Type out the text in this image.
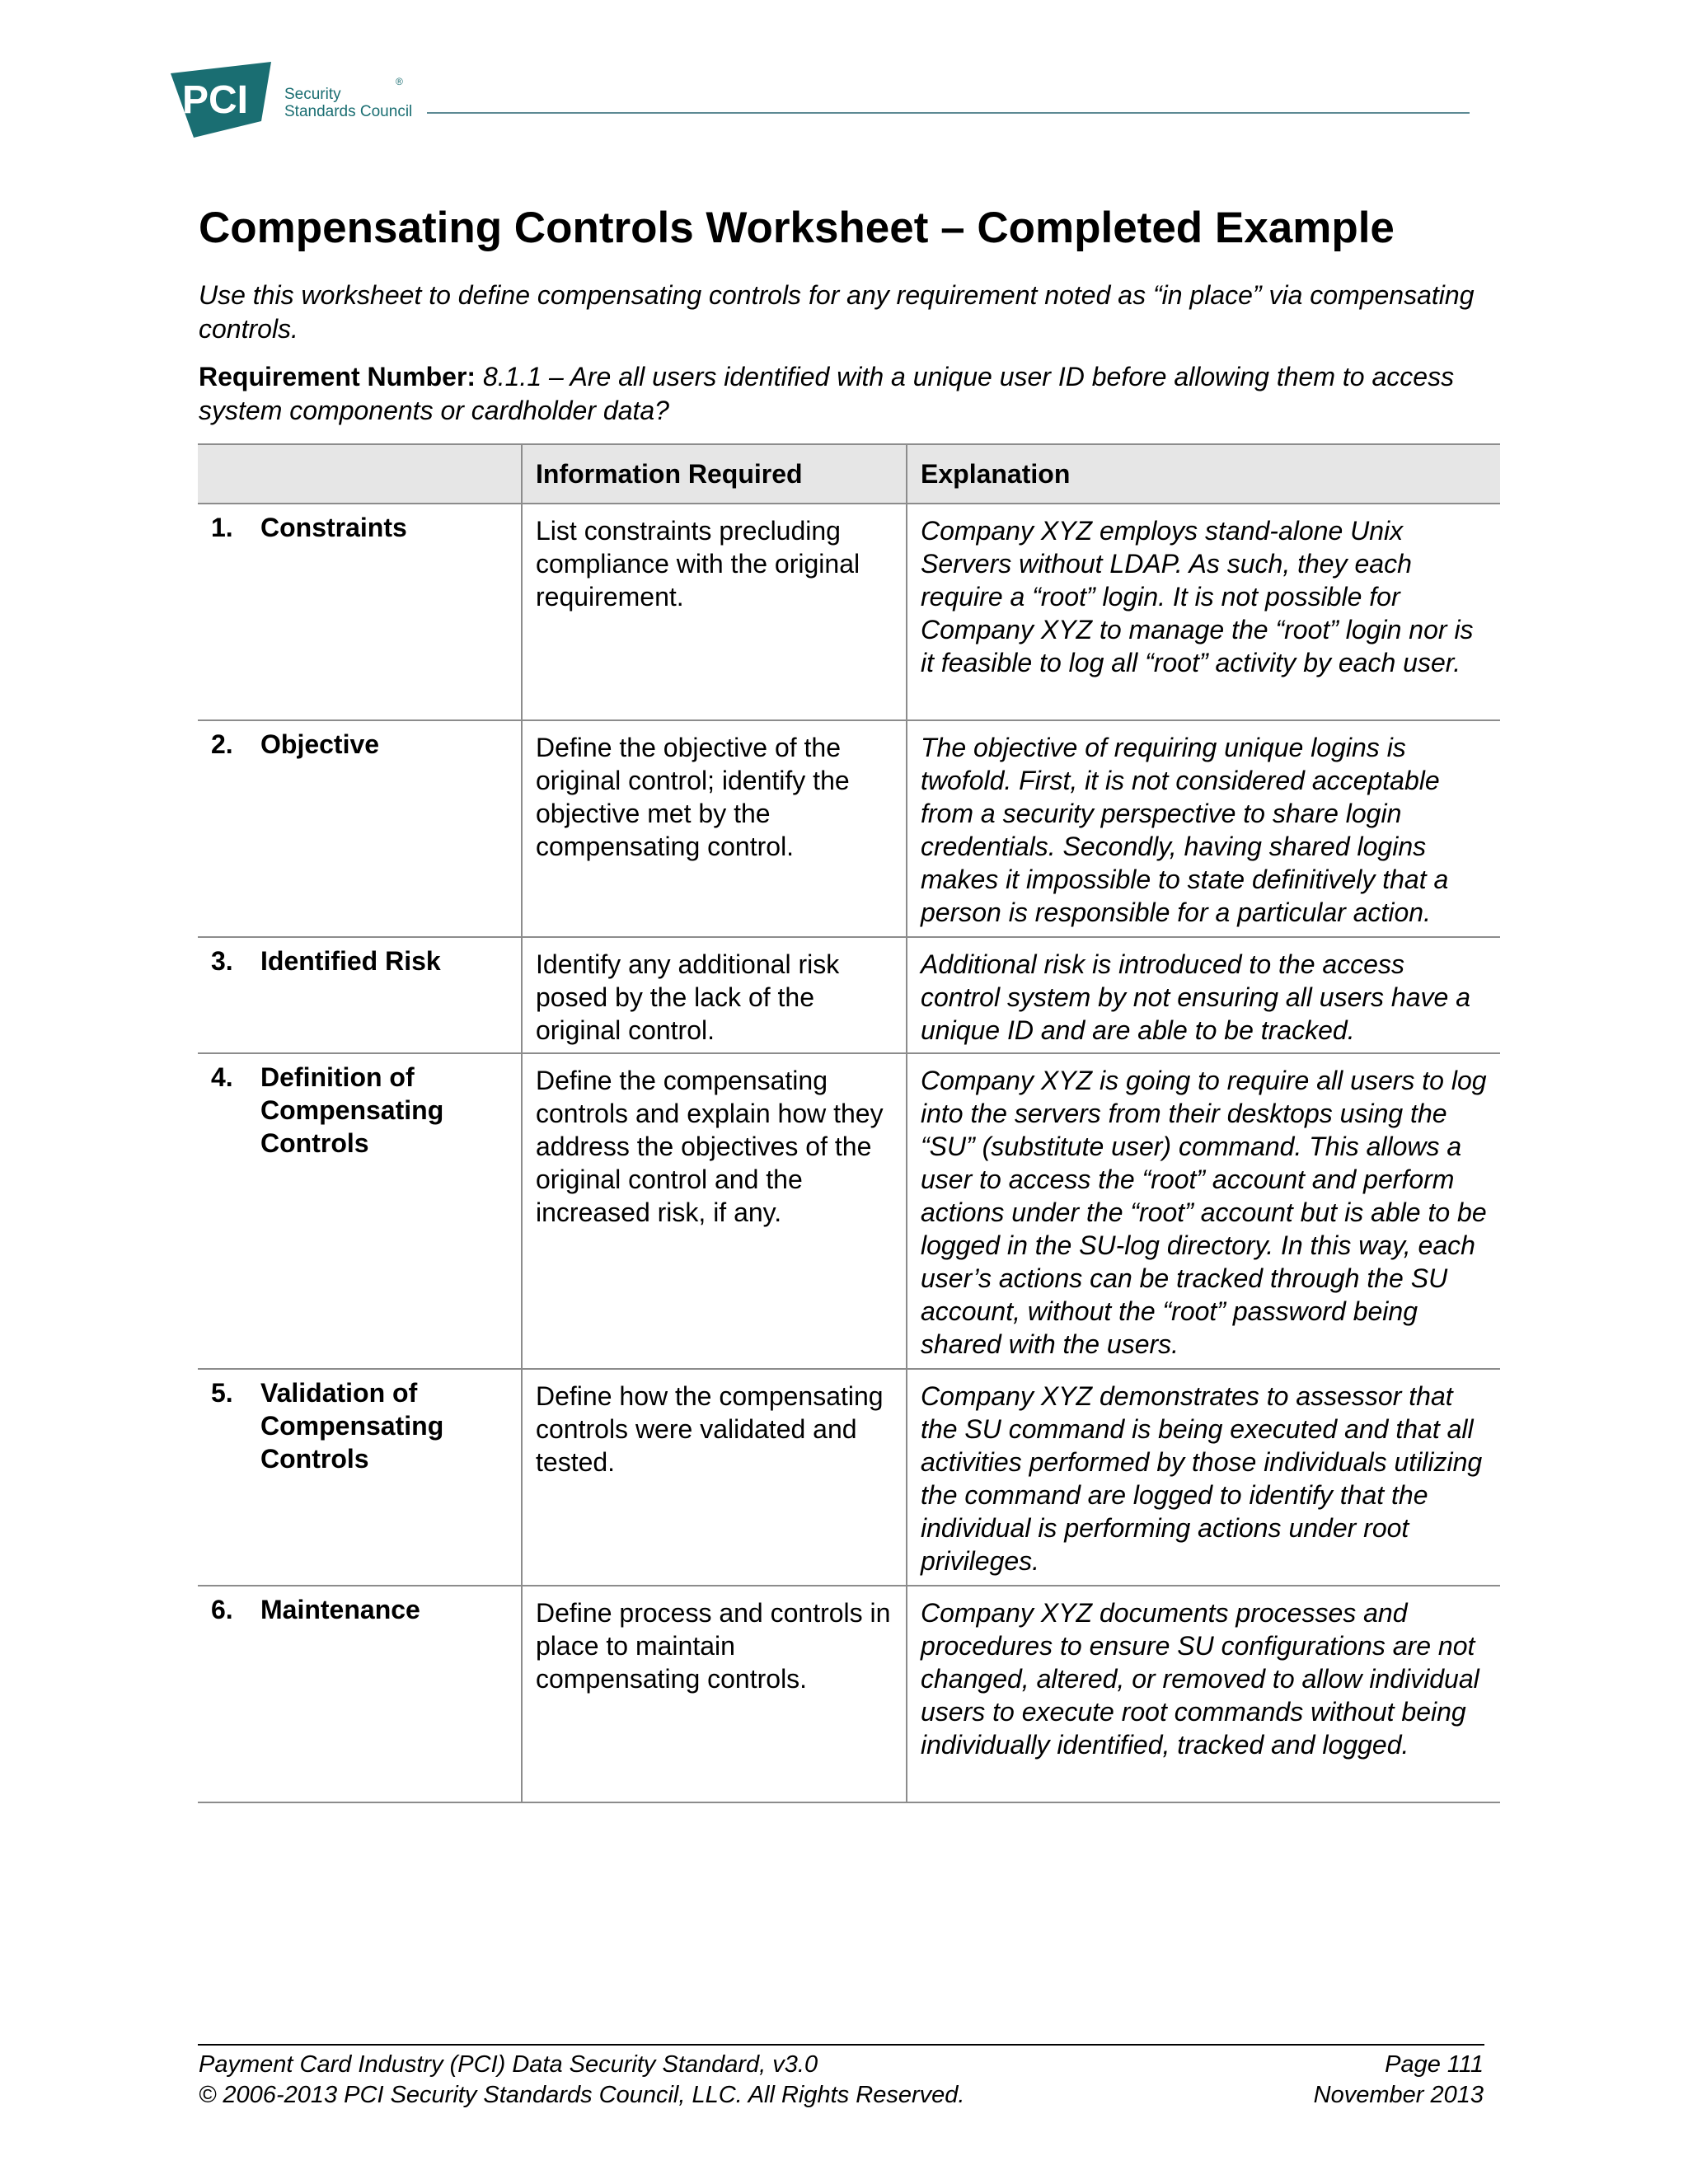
PCI Security
Standards Council
®
Compensating Controls Worksheet – Completed Example

Use this worksheet to define compensating controls for any requirement noted as “in place” via compensating controls.

Requirement Number: 8.1.1 – Are all users identified with a unique user ID before allowing them to access system components or cardholder data?

	Information Required	Explanation

1. Constraints	List constraints precluding compliance with the original requirement.	Company XYZ employs stand-alone Unix Servers without LDAP. As such, they each require a “root” login. It is not possible for Company XYZ to manage the “root” login nor is it feasible to log all “root” activity by each user.

2. Objective	Define the objective of the original control; identify the objective met by the compensating control.	The objective of requiring unique logins is twofold. First, it is not considered acceptable from a security perspective to share login credentials. Secondly, having shared logins makes it impossible to state definitively that a person is responsible for a particular action.

3. Identified Risk	Identify any additional risk posed by the lack of the original control.	Additional risk is introduced to the access control system by not ensuring all users have a unique ID and are able to be tracked.

4. Definition of Compensating Controls	Define the compensating controls and explain how they address the objectives of the original control and the increased risk, if any.	Company XYZ is going to require all users to log into the servers from their desktops using the “SU” (substitute user) command. This allows a user to access the “root” account and perform actions under the “root” account but is able to be logged in the SU-log directory. In this way, each user’s actions can be tracked through the SU account, without the “root” password being shared with the users.

5. Validation of Compensating Controls	Define how the compensating controls were validated and tested.	Company XYZ demonstrates to assessor that the SU command is being executed and that all activities performed by those individuals utilizing the command are logged to identify that the individual is performing actions under root privileges.

6. Maintenance	Define process and controls in place to maintain compensating controls.	Company XYZ documents processes and procedures to ensure SU configurations are not changed, altered, or removed to allow individual users to execute root commands without being individually identified, tracked and logged.

Payment Card Industry (PCI) Data Security Standard, v3.0

© 2006-2013 PCI Security Standards Council, LLC. All Rights Reserved.

Page 111

November 2013
